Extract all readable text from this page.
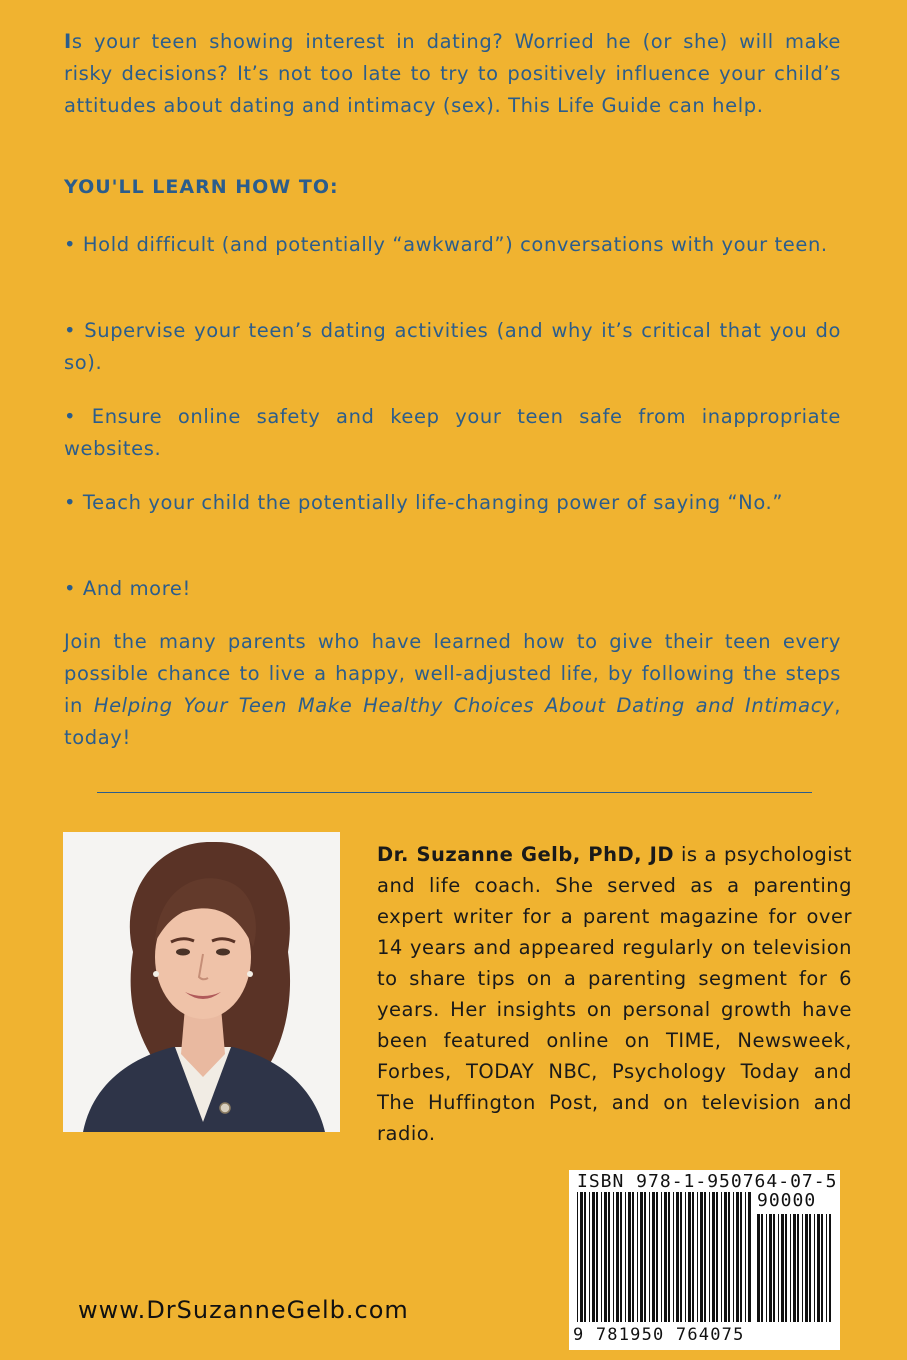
Is your teen showing interest in dating? Worried he (or she) will make risky decisions? It’s not too late to try to positively influence your child’s attitudes about dating and intimacy (sex). This Life Guide can help.

YOU'LL LEARN HOW TO:

• Hold difficult (and potentially “awkward”) conversations with your teen.

• Supervise your teen’s dating activities (and why it’s critical that you do so).

• Ensure online safety and keep your teen safe from inappropriate websites.

• Teach your child the potentially life-changing power of saying “No.”

• And more!

Join the many parents who have learned how to give their teen every possible chance to live a happy, well-adjusted life, by following the steps in Helping Your Teen Make Healthy Choices About Dating and Intimacy, today!

Dr. Suzanne Gelb, PhD, JD is a psychologist and life coach. She served as a parenting expert writer for a parent magazine for over 14 years and appeared regularly on television to share tips on a parenting segment for 6 years. Her insights on personal growth have been featured online on TIME, Newsweek, Forbes, TODAY NBC, Psychology Today and The Huffington Post, and on television and radio.

ISBN 978-1-950764-07-5
90000
9 781950 764075
www.DrSuzanneGelb.com
